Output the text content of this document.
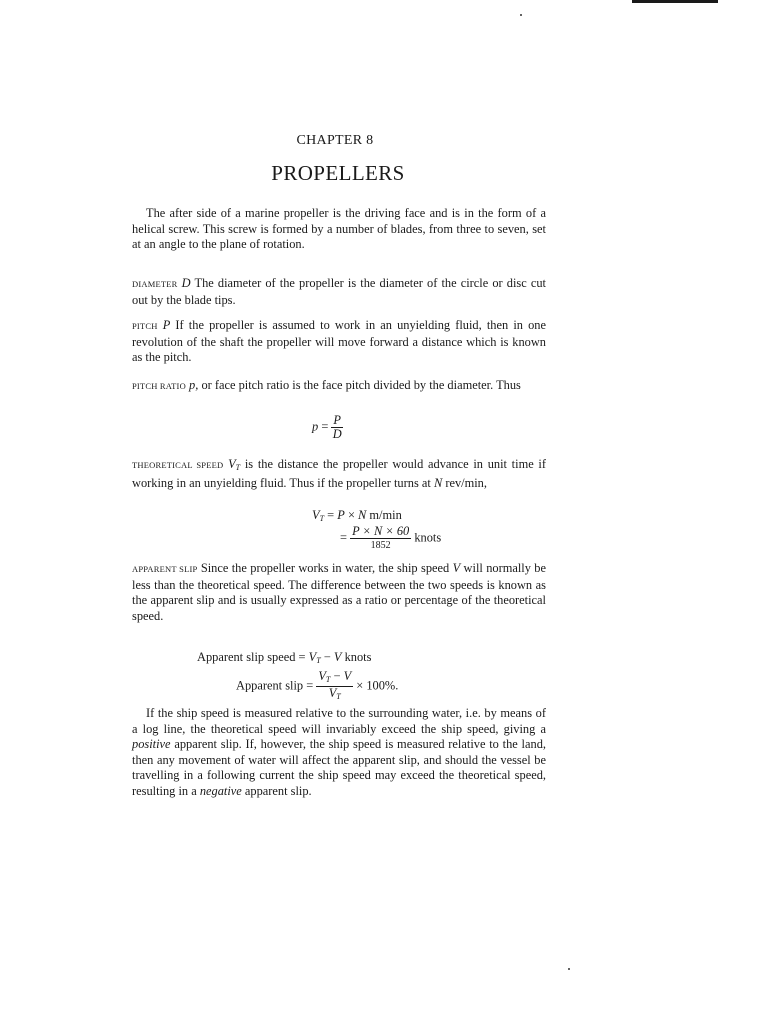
CHAPTER 8
PROPELLERS

The after side of a marine propeller is the driving face and is in the form of a helical screw. This screw is formed by a number of blades, from three to seven, set at an angle to the plane of rotation.

DIAMETER D The diameter of the propeller is the diameter of the circle or disc cut out by the blade tips.

PITCH P If the propeller is assumed to work in an unyielding fluid, then in one revolution of the shaft the propeller will move forward a distance which is known as the pitch.

PITCH RATIO p, or face pitch ratio is the face pitch divided by the diameter. Thus

$p = \frac{P}{D}$

THEORETICAL SPEED $V_T$ is the distance the propeller would advance in unit time if working in an unyielding fluid. Thus if the propeller turns at N rev/min,

$V_T = P \times N$ m/min
= $\frac{P \times N \times 60}{1852}$ knots

APPARENT SLIP Since the propeller works in water, the ship speed V will normally be less than the theoretical speed. The difference between the two speeds is known as the apparent slip and is usually expressed as a ratio or percentage of the theoretical speed.

Apparent slip speed = $V_T - V$ knots
Apparent slip = $\frac{V_T - V}{V_T} \times 100\%$.

If the ship speed is measured relative to the surrounding water, i.e. by means of a log line, the theoretical speed will invariably exceed the ship speed, giving a positive apparent slip. If, however, the ship speed is measured relative to the land, then any movement of water will affect the apparent slip, and should the vessel be travelling in a following current the ship speed may exceed the theoretical speed, resulting in a negative apparent slip.
